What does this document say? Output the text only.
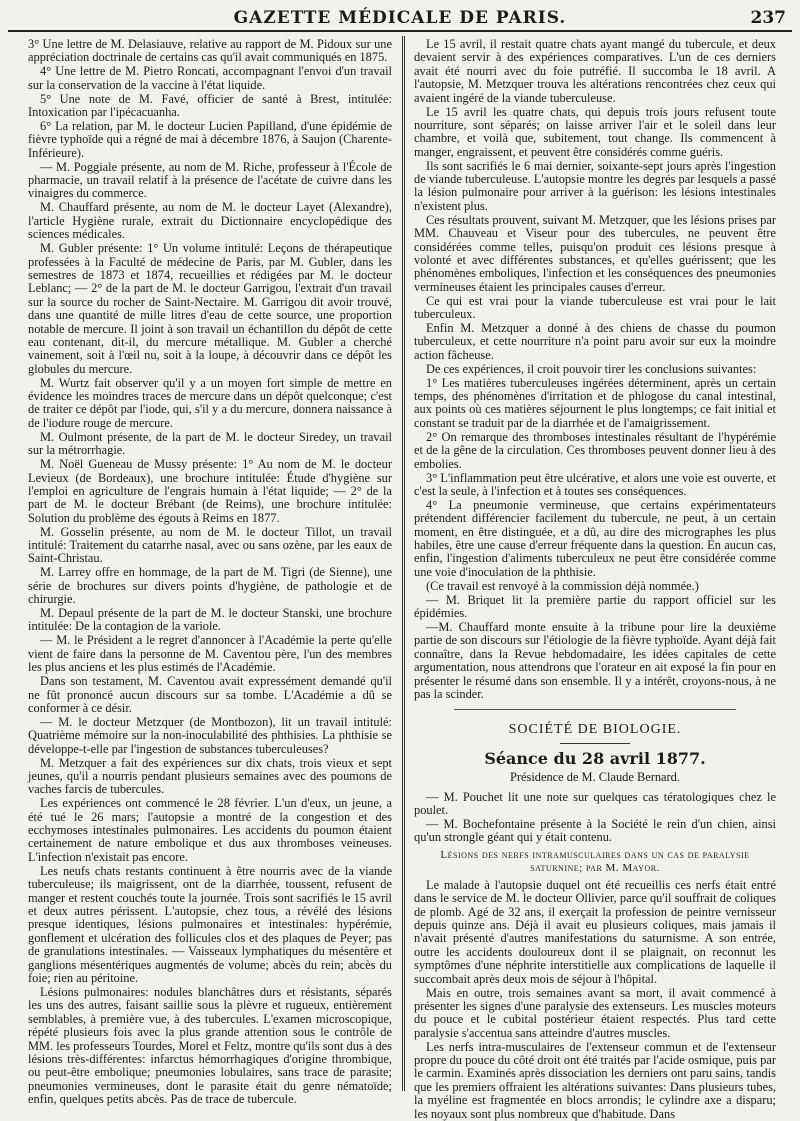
GAZETTE MÉDICALE DE PARIS.	237

3° Une lettre de M. Delasiauve, relative au rapport de M. Pidoux sur une appréciation doctrinale de certains cas qu'il avait communiqués en 1875.

4° Une lettre de M. Pietro Roncati, accompagnant l'envoi d'un travail sur la conservation de la vaccine à l'état liquide.

5° Une note de M. Favé, officier de santé à Brest, intitulée: Intoxication par l'ipécacuanha.

6° La relation, par M. le docteur Lucien Papilland, d'une épidémie de fièvre typhoïde qui a régné de mai à décembre 1876, à Saujon (Charente-Inférieure).

— M. Poggiale présente, au nom de M. Riche, professeur à l'École de pharmacie, un travail relatif à la présence de l'acétate de cuivre dans les vinaigres du commerce.

M. Chauffard présente, au nom de M. le docteur Layet (Alexandre), l'article Hygiène rurale, extrait du Dictionnaire encyclopédique des sciences médicales.

M. Gubler présente: 1° Un volume intitulé: Leçons de thérapeutique professées à la Faculté de médecine de Paris, par M. Gubler, dans les semestres de 1873 et 1874, recueillies et rédigées par M. le docteur Leblanc; — 2° de la part de M. le docteur Garrigou, l'extrait d'un travail sur la source du rocher de Saint-Nectaire. M. Garrigou dit avoir trouvé, dans une quantité de mille litres d'eau de cette source, une proportion notable de mercure. Il joint à son travail un échantillon du dépôt de cette eau contenant, dit-il, du mercure métallique. M. Gubler a cherché vainement, soit à l'œil nu, soit à la loupe, à découvrir dans ce dépôt les globules du mercure.

M. Wurtz fait observer qu'il y a un moyen fort simple de mettre en évidence les moindres traces de mercure dans un dépôt quelconque; c'est de traiter ce dépôt par l'iode, qui, s'il y a du mercure, donnera naissance à de l'iodure rouge de mercure.

M. Oulmont présente, de la part de M. le docteur Siredey, un travail sur la métrorrhagie.

M. Noël Gueneau de Mussy présente: 1° Au nom de M. le docteur Levieux (de Bordeaux), une brochure intitulée: Étude d'hygiène sur l'emploi en agriculture de l'engrais humain à l'état liquide; — 2° de la part de M. le docteur Brébant (de Reims), une brochure intitulée: Solution du problème des égouts à Reims en 1877.

M. Gosselin présente, au nom de M. le docteur Tillot, un travail intitulé: Traitement du catarrhe nasal, avec ou sans ozène, par les eaux de Saint-Christau.

M. Larrey offre en hommage, de la part de M. Tigri (de Sienne), une série de brochures sur divers points d'hygiène, de pathologie et de chirurgie.

M. Depaul présente de la part de M. le docteur Stanski, une brochure intitulée: De la contagion de la variole.

— M. le Président a le regret d'annoncer à l'Académie la perte qu'elle vient de faire dans la personne de M. Caventou père, l'un des membres les plus anciens et les plus estimés de l'Académie.

Dans son testament, M. Caventou avait expressément demandé qu'il ne fût prononcé aucun discours sur sa tombe. L'Académie a dû se conformer à ce désir.

— M. le docteur Metzquer (de Montbozon), lit un travail intitulé: Quatrième mémoire sur la non-inoculabilité des phthisies. La phthisie se développe-t-elle par l'ingestion de substances tuberculeuses?

M. Metzquer a fait des expériences sur dix chats, trois vieux et sept jeunes, qu'il a nourris pendant plusieurs semaines avec des poumons de vaches farcis de tubercules.

Les expériences ont commencé le 28 février. L'un d'eux, un jeune, a été tué le 26 mars; l'autopsie a montré de la congestion et des ecchymoses intestinales pulmonaires. Les accidents du poumon étaient certainement de nature embolique et dus aux thromboses veineuses. L'infection n'existait pas encore.

Les neufs chats restants continuent à être nourris avec de la viande tuberculeuse; ils maigrissent, ont de la diarrhée, toussent, refusent de manger et restent couchés toute la journée. Trois sont sacrifiés le 15 avril et deux autres périssent. L'autopsie, chez tous, a révélé des lésions presque identiques, lésions pulmonaires et intestinales: hypérémie, gonflement et ulcération des follicules clos et des plaques de Peyer; pas de granulations intestinales. — Vaisseaux lymphatiques du mésentère et ganglions mésentériques augmentés de volume; abcès du rein; abcès du foie; rien au péritoine.

Lésions pulmonaires: nodules blanchâtres durs et résistants, séparés les uns des autres, faisant saillie sous la plèvre et rugueux, entièrement semblables, à première vue, à des tubercules. L'examen microscopique, répété plusieurs fois avec la plus grande attention sous le contrôle de MM. les professeurs Tourdes, Morel et Feltz, montre qu'ils sont dus à des lésions très-différentes: infarctus hémorrhagiques d'origine thrombique, ou peut-être embolique; pneumonies lobulaires, sans trace de parasite; pneumonies vermineuses, dont le parasite était du genre nématoïde; enfin, quelques petits abcès. Pas de trace de tubercule.

Le 15 avril, il restait quatre chats ayant mangé du tubercule, et deux devaient servir à des expériences comparatives. L'un de ces derniers avait été nourri avec du foie putréfié. Il succomba le 18 avril. A l'autopsie, M. Metzquer trouva les altérations rencontrées chez ceux qui avaient ingéré de la viande tuberculeuse.

Le 15 avril les quatre chats, qui depuis trois jours refusent toute nourriture, sont séparés; on laisse arriver l'air et le soleil dans leur chambre, et voilà que, subitement, tout change. Ils commencent à manger, engraissent, et peuvent être considérés comme guéris.

Ils sont sacrifiés le 6 mai dernier, soixante-sept jours après l'ingestion de viande tuberculeuse. L'autopsie montre les degrés par lesquels a passé la lésion pulmonaire pour arriver à la guérison: les lésions intestinales n'existent plus.

Ces résultats prouvent, suivant M. Metzquer, que les lésions prises par MM. Chauveau et Viseur pour des tubercules, ne peuvent être considérées comme telles, puisqu'on produit ces lésions presque à volonté et avec différentes substances, et qu'elles guérissent; que les phénomènes emboliques, l'infection et les conséquences des pneumonies vermineuses étaient les principales causes d'erreur.

Ce qui est vrai pour la viande tuberculeuse est vrai pour le lait tuberculeux.

Enfin M. Metzquer a donné à des chiens de chasse du poumon tuberculeux, et cette nourriture n'a point paru avoir sur eux la moindre action fâcheuse.

De ces expériences, il croit pouvoir tirer les conclusions suivantes:

1° Les matières tuberculeuses ingérées déterminent, après un certain temps, des phénomènes d'irritation et de phlogose du canal intestinal, aux points où ces matières séjournent le plus longtemps; ce fait initial et constant se traduit par de la diarrhée et de l'amaigrissement.

2° On remarque des thromboses intestinales résultant de l'hypérémie et de la gêne de la circulation. Ces thromboses peuvent donner lieu à des embolies.

3° L'inflammation peut être ulcérative, et alors une voie est ouverte, et c'est la seule, à l'infection et à toutes ses conséquences.

4° La pneumonie vermineuse, que certains expérimentateurs prétendent différencier facilement du tubercule, ne peut, à un certain moment, en être distinguée, et a dû, au dire des micrographes les plus habiles, être une cause d'erreur fréquente dans la question. En aucun cas, enfin, l'ingestion d'aliments tuberculeux ne peut être considérée comme une voie d'inoculation de la phthisie.

(Ce travail est renvoyé à la commission déjà nommée.)

— M. Briquet lit la première partie du rapport officiel sur les épidémies.

—M. Chauffard monte ensuite à la tribune pour lire la deuxième partie de son discours sur l'étiologie de la fièvre typhoïde. Ayant déjà fait connaître, dans la Revue hebdomadaire, les idées capitales de cette argumentation, nous attendrons que l'orateur en ait exposé la fin pour en présenter le résumé dans son ensemble. Il y a intérêt, croyons-nous, à ne pas la scinder.

SOCIÉTÉ DE BIOLOGIE.
Séance du 28 avril 1877.
Présidence de M. Claude Bernard.

— M. Pouchet lit une note sur quelques cas tératologiques chez le poulet.

— M. Bochefontaine présente à la Société le rein d'un chien, ainsi qu'un strongle géant qui y était contenu.

Lésions des nerfs intramusculaires dans un cas de paralysie saturnine; par M. Mayor.

Le malade à l'autopsie duquel ont été recueillis ces nerfs était entré dans le service de M. le docteur Ollivier, parce qu'il souffrait de coliques de plomb. Agé de 32 ans, il exerçait la profession de peintre vernisseur depuis quinze ans. Déjà il avait eu plusieurs coliques, mais jamais il n'avait présenté d'autres manifestations du saturnisme. A son entrée, outre les accidents douloureux dont il se plaignait, on reconnut les symptômes d'une néphrite interstitielle aux complications de laquelle il succombait après deux mois de séjour à l'hôpital.

Mais en outre, trois semaines avant sa mort, il avait commencé à présenter les signes d'une paralysie des extenseurs. Les muscles moteurs du pouce et le cubital postérieur étaient respectés. Plus tard cette paralysie s'accentua sans atteindre d'autres muscles.

Les nerfs intra-musculaires de l'extenseur commun et de l'extenseur propre du pouce du côté droit ont été traités par l'acide osmique, puis par le carmin. Examinés après dissociation les derniers ont paru sains, tandis que les premiers offraient les altérations suivantes: Dans plusieurs tubes, la myéline est fragmentée en blocs arrondis; le cylindre axe a disparu; les noyaux sont plus nombreux que d'habitude. Dans
